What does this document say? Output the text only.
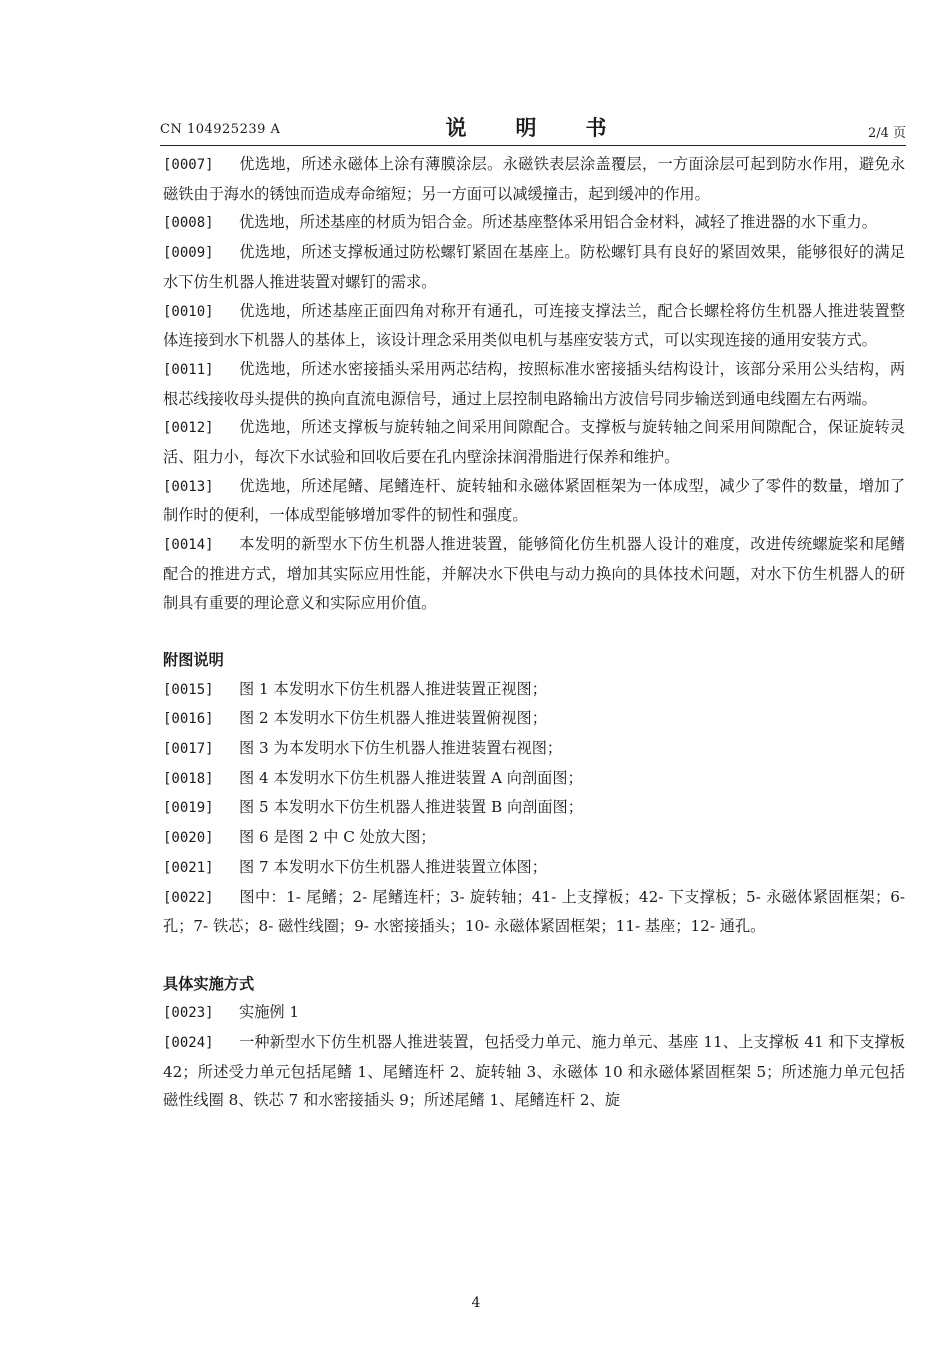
CN 104925239 A	说　明　书	2/4 页

[0007] 优选地，所述永磁体上涂有薄膜涂层。永磁铁表层涂盖覆层，一方面涂层可起到防水作用，避免永磁铁由于海水的锈蚀而造成寿命缩短；另一方面可以减缓撞击，起到缓冲的作用。

[0008] 优选地，所述基座的材质为铝合金。所述基座整体采用铝合金材料，减轻了推进器的水下重力。

[0009] 优选地，所述支撑板通过防松螺钉紧固在基座上。防松螺钉具有良好的紧固效果，能够很好的满足水下仿生机器人推进装置对螺钉的需求。

[0010] 优选地，所述基座正面四角对称开有通孔，可连接支撑法兰，配合长螺栓将仿生机器人推进装置整体连接到水下机器人的基体上，该设计理念采用类似电机与基座安装方式，可以实现连接的通用安装方式。

[0011] 优选地，所述水密接插头采用两芯结构，按照标准水密接插头结构设计，该部分采用公头结构，两根芯线接收母头提供的换向直流电源信号，通过上层控制电路输出方波信号同步输送到通电线圈左右两端。

[0012] 优选地，所述支撑板与旋转轴之间采用间隙配合。支撑板与旋转轴之间采用间隙配合，保证旋转灵活、阻力小，每次下水试验和回收后要在孔内壁涂抹润滑脂进行保养和维护。

[0013] 优选地，所述尾鳍、尾鳍连杆、旋转轴和永磁体紧固框架为一体成型，减少了零件的数量，增加了制作时的便利，一体成型能够增加零件的韧性和强度。

[0014] 本发明的新型水下仿生机器人推进装置，能够简化仿生机器人设计的难度，改进传统螺旋桨和尾鳍配合的推进方式，增加其实际应用性能，并解决水下供电与动力换向的具体技术问题，对水下仿生机器人的研制具有重要的理论意义和实际应用价值。

附图说明

[0015] 图 1 本发明水下仿生机器人推进装置正视图；

[0016] 图 2 本发明水下仿生机器人推进装置俯视图；

[0017] 图 3 为本发明水下仿生机器人推进装置右视图；

[0018] 图 4 本发明水下仿生机器人推进装置 A 向剖面图；

[0019] 图 5 本发明水下仿生机器人推进装置 B 向剖面图；

[0020] 图 6 是图 2 中 C 处放大图；

[0021] 图 7 本发明水下仿生机器人推进装置立体图；

[0022] 图中：1- 尾鳍；2- 尾鳍连杆；3- 旋转轴；41- 上支撑板；42- 下支撑板；5- 永磁体紧固框架；6- 孔；7- 铁芯；8- 磁性线圈；9- 水密接插头；10- 永磁体紧固框架；11- 基座；12- 通孔。

具体实施方式

[0023] 实施例 1

[0024] 一种新型水下仿生机器人推进装置，包括受力单元、施力单元、基座 11、上支撑板 41 和下支撑板 42；所述受力单元包括尾鳍 1、尾鳍连杆 2、旋转轴 3、永磁体 10 和永磁体紧固框架 5；所述施力单元包括磁性线圈 8、铁芯 7 和水密接插头 9；所述尾鳍 1、尾鳍连杆 2、旋

4
